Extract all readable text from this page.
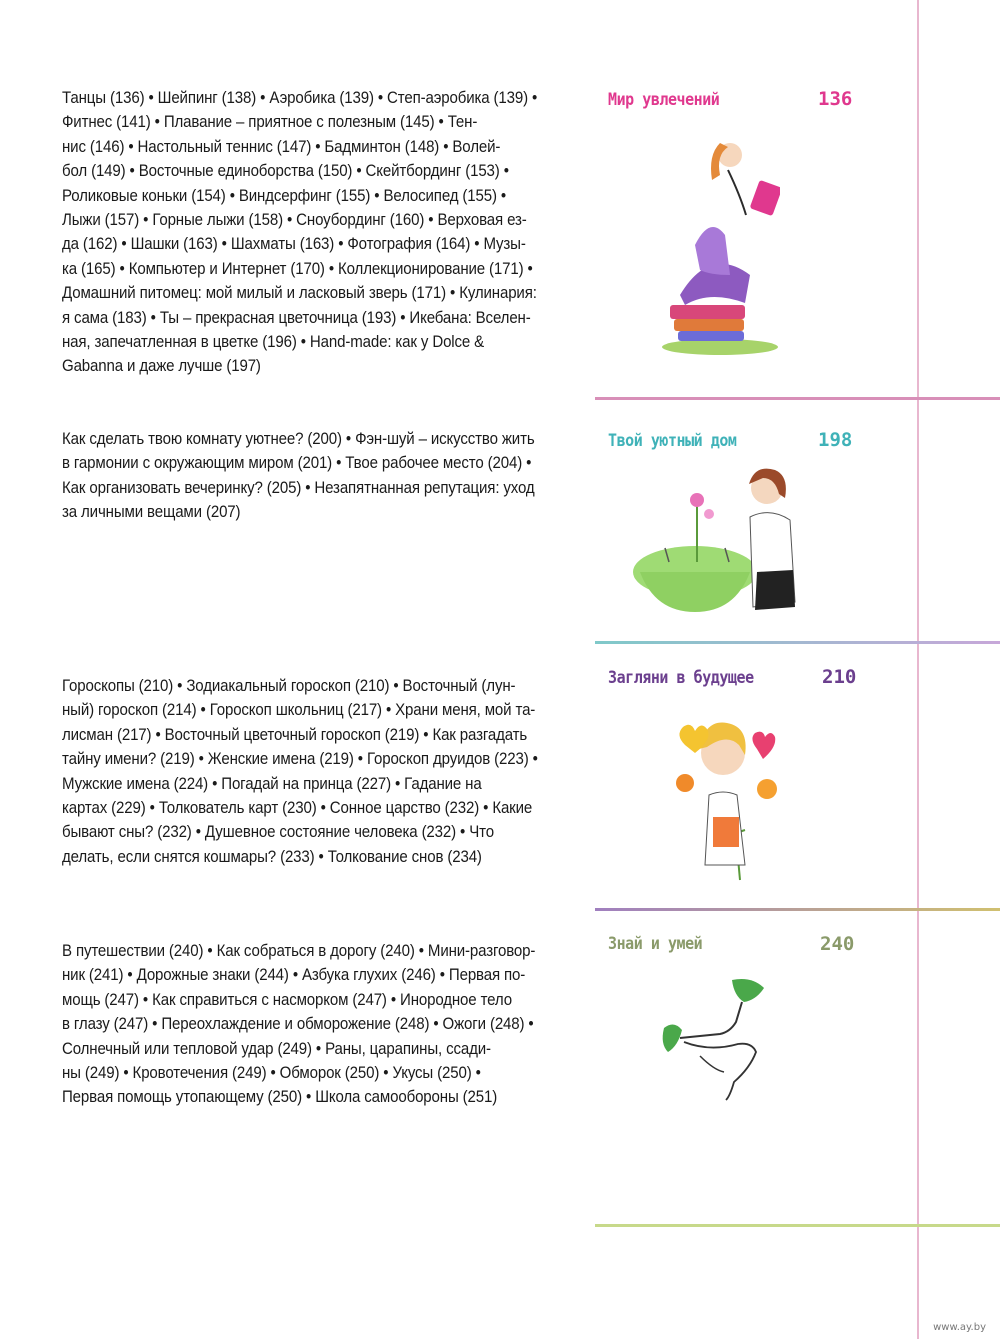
Танцы (136) • Шейпинг (138) • Аэробика (139) • Степ-аэробика (139) •
Фитнес (141) • Плавание – приятное с полезным (145) • Тен-
нис (146) • Настольный теннис (147) • Бадминтон (148) • Волей-
бол (149) • Восточные единоборства (150) • Скейтбординг (153) •
Роликовые коньки (154) • Виндсерфинг (155) • Велосипед (155) •
Лыжи (157) • Горные лыжи (158) • Сноубординг (160) • Верховая ез-
да (162) • Шашки (163) • Шахматы (163) • Фотография (164) • Музы-
ка (165) • Компьютер и Интернет (170) • Коллекционирование (171) •
Домашний питомец: мой милый и ласковый зверь (171) • Кулинария:
я сама (183) • Ты – прекрасная цветочница (193) • Икебана: Вселен-
ная, запечатленная в цветке (196) • Hand-made: как у Dolce &
Gabanna и даже лучше (197)
Мир увлечений	136
Как сделать твою комнату уютнее? (200) • Фэн-шуй – искусство жить
в гармонии с окружающим миром (201) • Твое рабочее место (204) •
Как организовать вечеринку? (205) • Незапятнанная репутация: уход
за личными вещами (207)
Твой уютный дом	198
Гороскопы (210) • Зодиакальный гороскоп (210) • Восточный (лун-
ный) гороскоп (214) • Гороскоп школьниц (217) • Храни меня, мой та-
лисман (217) • Восточный цветочный гороскоп (219) • Как разгадать
тайну имени? (219) • Женские имена (219) • Гороскоп друидов (223) •
Мужские имена (224) • Погадай на принца (227) • Гадание на
картах (229) • Толкователь карт (230) • Сонное царство (232) • Какие
бывают сны? (232) • Душевное состояние человека (232) • Что
делать, если снятся кошмары? (233) • Толкование снов (234)
Загляни в будущее	210
В путешествии (240) • Как собраться в дорогу (240) • Мини-разговор-
ник (241) • Дорожные знаки (244) • Азбука глухих (246) • Первая по-
мощь (247) • Как справиться с насморком (247) • Инородное тело
в глазу (247) • Переохлаждение и обморожение (248) • Ожоги (248) •
Солнечный или тепловой удар (249) • Раны, царапины, ссади-
ны (249) • Кровотечения (249) • Обморок (250) • Укусы (250) •
Первая помощь утопающему (250) • Школа самообороны (251)
Знай и умей	240
www.ay.by
